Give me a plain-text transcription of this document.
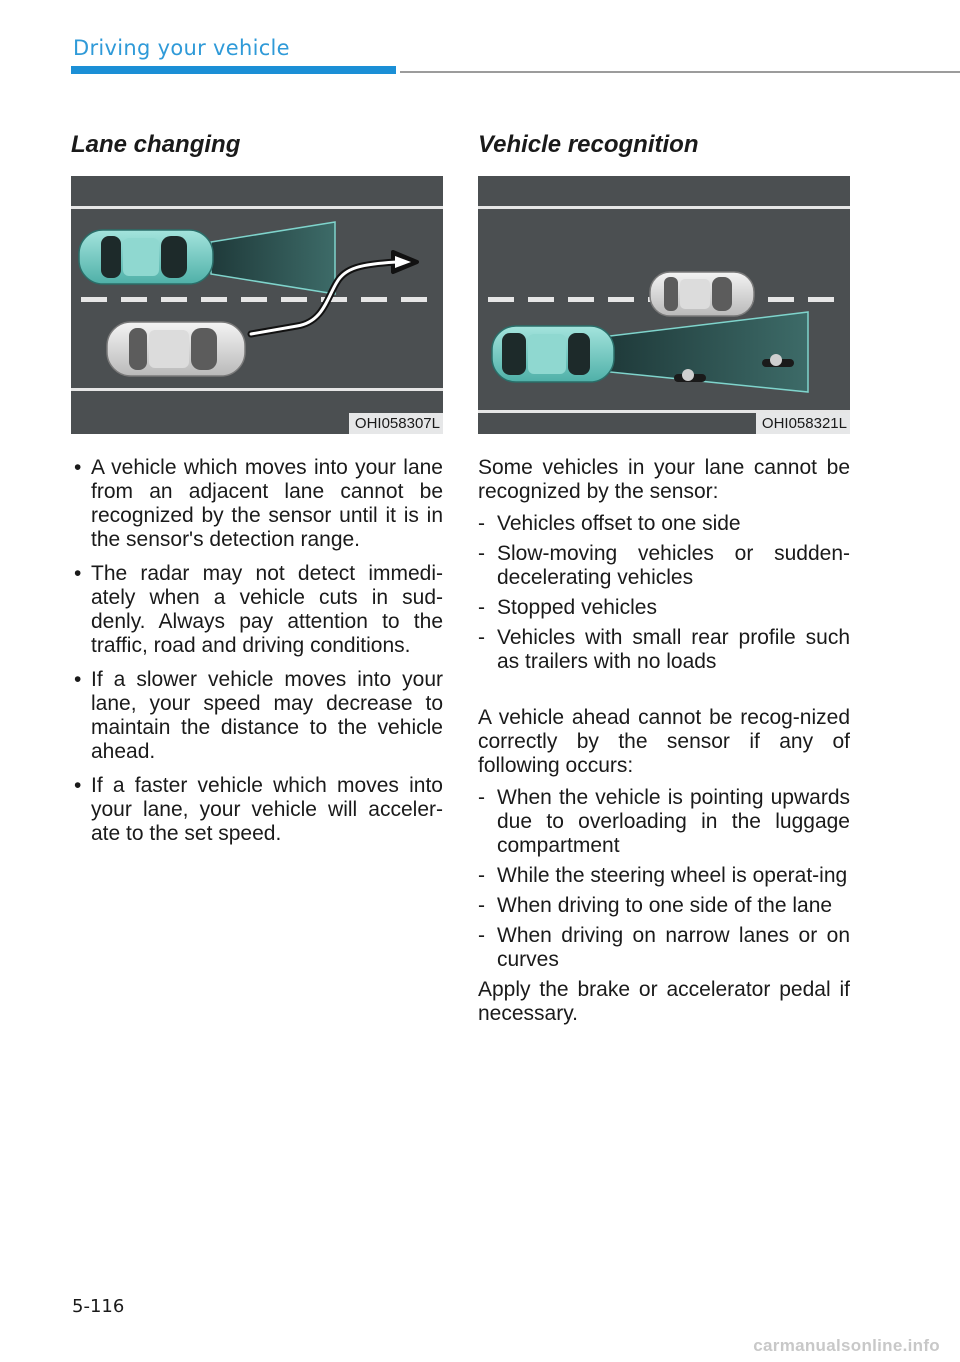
Driving your vehicle
Lane changing
OHI058307L
• A vehicle which moves into your lane from an adjacent lane cannot be recognized by the sensor until it is in the sensor's detection range.
• The radar may not detect immedi-ately when a vehicle cuts in sud-denly. Always pay attention to the traffic, road and driving conditions.
• If a slower vehicle moves into your lane, your speed may decrease to maintain the distance to the vehicle ahead.
• If a faster vehicle which moves into your lane, your vehicle will acceler-ate to the set speed.
Vehicle recognition
OHI058321L

Some vehicles in your lane cannot be recognized by the sensor:

- Vehicles offset to one side
- Slow-moving vehicles or sudden-decelerating vehicles
- Stopped vehicles
- Vehicles with small rear profile such as trailers with no loads

A vehicle ahead cannot be recog-nized correctly by the sensor if any of following occurs:

- When the vehicle is pointing upwards due to overloading in the luggage compartment
- While the steering wheel is operat-ing
- When driving to one side of the lane
- When driving on narrow lanes or on curves

Apply the brake or accelerator pedal if necessary.

5-116
carmanualsonline.info
